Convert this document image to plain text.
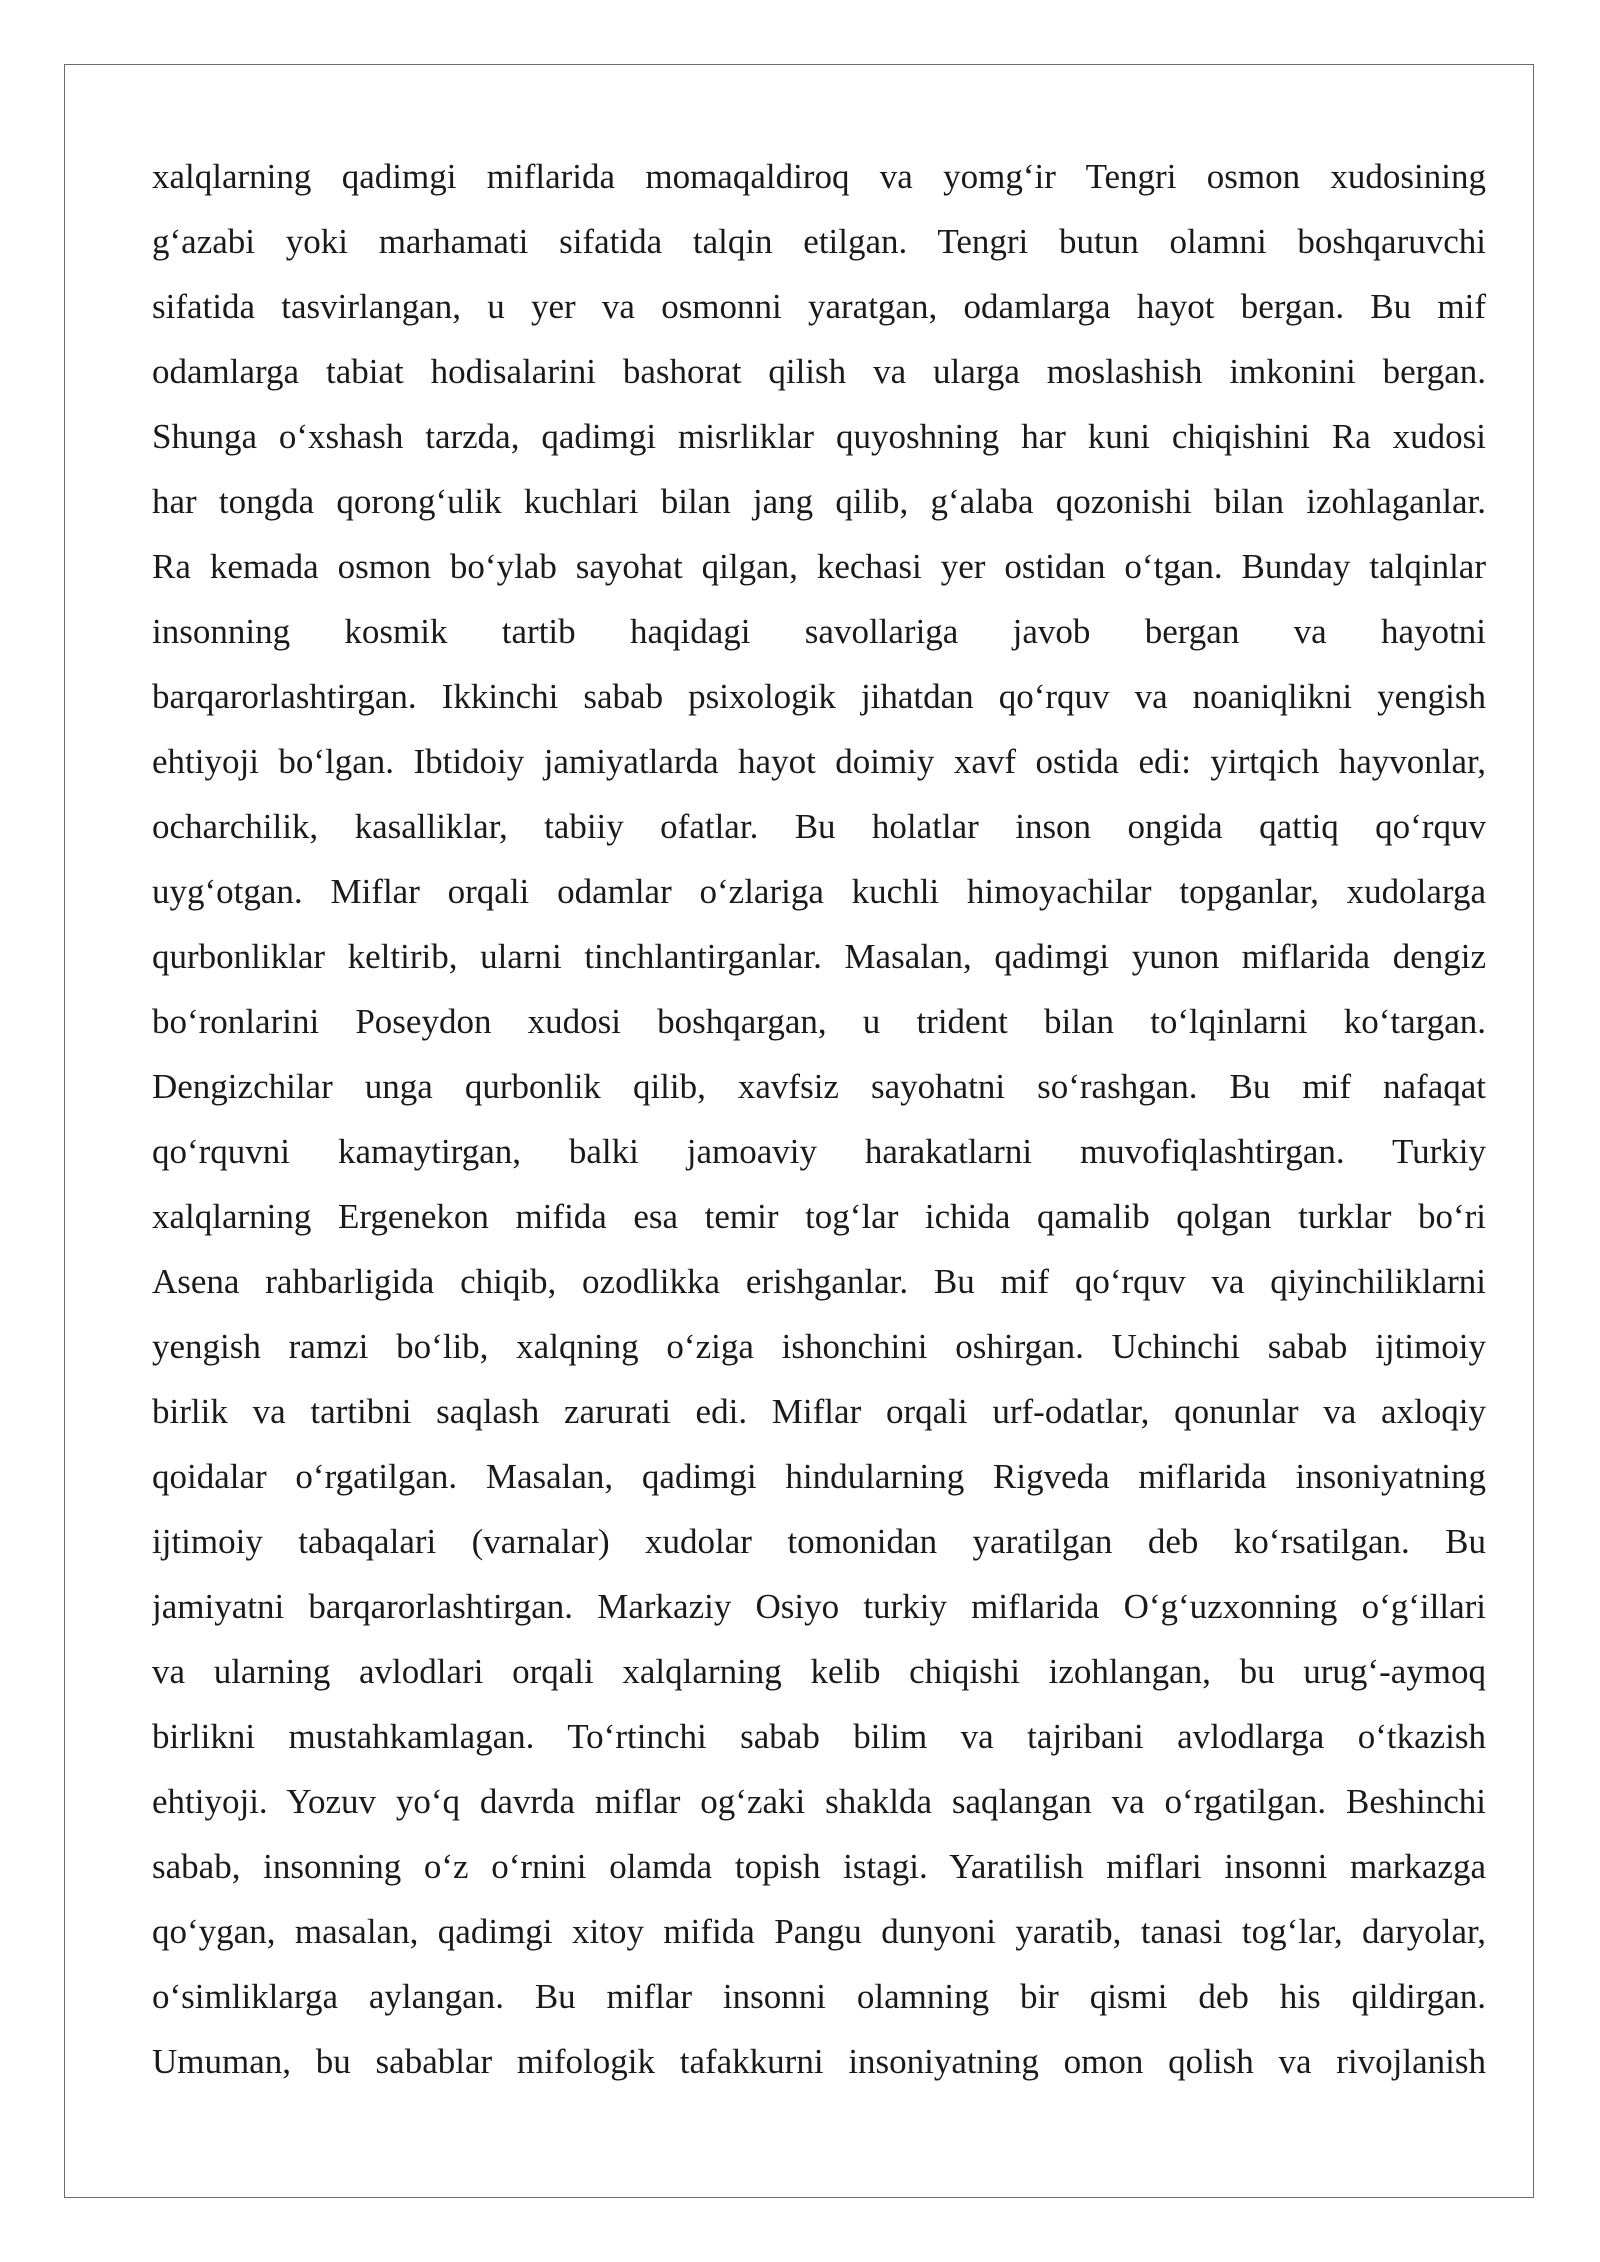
xalqlarning qadimgi miflarida momaqaldiroq va yomg‘ir Tengri osmon xudosining
g‘azabi yoki marhamati sifatida talqin etilgan. Tengri butun olamni boshqaruvchi
sifatida tasvirlangan, u yer va osmonni yaratgan, odamlarga hayot bergan. Bu mif
odamlarga tabiat hodisalarini bashorat qilish va ularga moslashish imkonini bergan.
Shunga o‘xshash tarzda, qadimgi misrliklar quyoshning har kuni chiqishini Ra xudosi
har tongda qorong‘ulik kuchlari bilan jang qilib, g‘alaba qozonishi bilan izohlaganlar.
Ra kemada osmon bo‘ylab sayohat qilgan, kechasi yer ostidan o‘tgan. Bunday talqinlar
insonning kosmik tartib haqidagi savollariga javob bergan va hayotni
barqarorlashtirgan. Ikkinchi sabab psixologik jihatdan qo‘rquv va noaniqlikni yengish
ehtiyoji bo‘lgan. Ibtidoiy jamiyatlarda hayot doimiy xavf ostida edi: yirtqich hayvonlar,
ocharchilik, kasalliklar, tabiiy ofatlar. Bu holatlar inson ongida qattiq qo‘rquv
uyg‘otgan. Miflar orqali odamlar o‘zlariga kuchli himoyachilar topganlar, xudolarga
qurbonliklar keltirib, ularni tinchlantirganlar. Masalan, qadimgi yunon miflarida dengiz
bo‘ronlarini Poseydon xudosi boshqargan, u trident bilan to‘lqinlarni ko‘targan.
Dengizchilar unga qurbonlik qilib, xavfsiz sayohatni so‘rashgan. Bu mif nafaqat
qo‘rquvni kamaytirgan, balki jamoaviy harakatlarni muvofiqlashtirgan. Turkiy
xalqlarning Ergenekon mifida esa temir tog‘lar ichida qamalib qolgan turklar bo‘ri
Asena rahbarligida chiqib, ozodlikka erishganlar. Bu mif qo‘rquv va qiyinchiliklarni
yengish ramzi bo‘lib, xalqning o‘ziga ishonchini oshirgan. Uchinchi sabab ijtimoiy
birlik va tartibni saqlash zarurati edi. Miflar orqali urf-odatlar, qonunlar va axloqiy
qoidalar o‘rgatilgan. Masalan, qadimgi hindularning Rigveda miflarida insoniyatning
ijtimoiy tabaqalari (varnalar) xudolar tomonidan yaratilgan deb ko‘rsatilgan. Bu
jamiyatni barqarorlashtirgan. Markaziy Osiyo turkiy miflarida O‘g‘uzxonning o‘g‘illari
va ularning avlodlari orqali xalqlarning kelib chiqishi izohlangan, bu urug‘-aymoq
birlikni mustahkamlagan. To‘rtinchi sabab bilim va tajribani avlodlarga o‘tkazish
ehtiyoji. Yozuv yo‘q davrda miflar og‘zaki shaklda saqlangan va o‘rgatilgan. Beshinchi
sabab, insonning o‘z o‘rnini olamda topish istagi. Yaratilish miflari insonni markazga
qo‘ygan, masalan, qadimgi xitoy mifida Pangu dunyoni yaratib, tanasi tog‘lar, daryolar,
o‘simliklarga aylangan. Bu miflar insonni olamning bir qismi deb his qildirgan.
Umuman, bu sabablar mifologik tafakkurni insoniyatning omon qolish va rivojlanish
